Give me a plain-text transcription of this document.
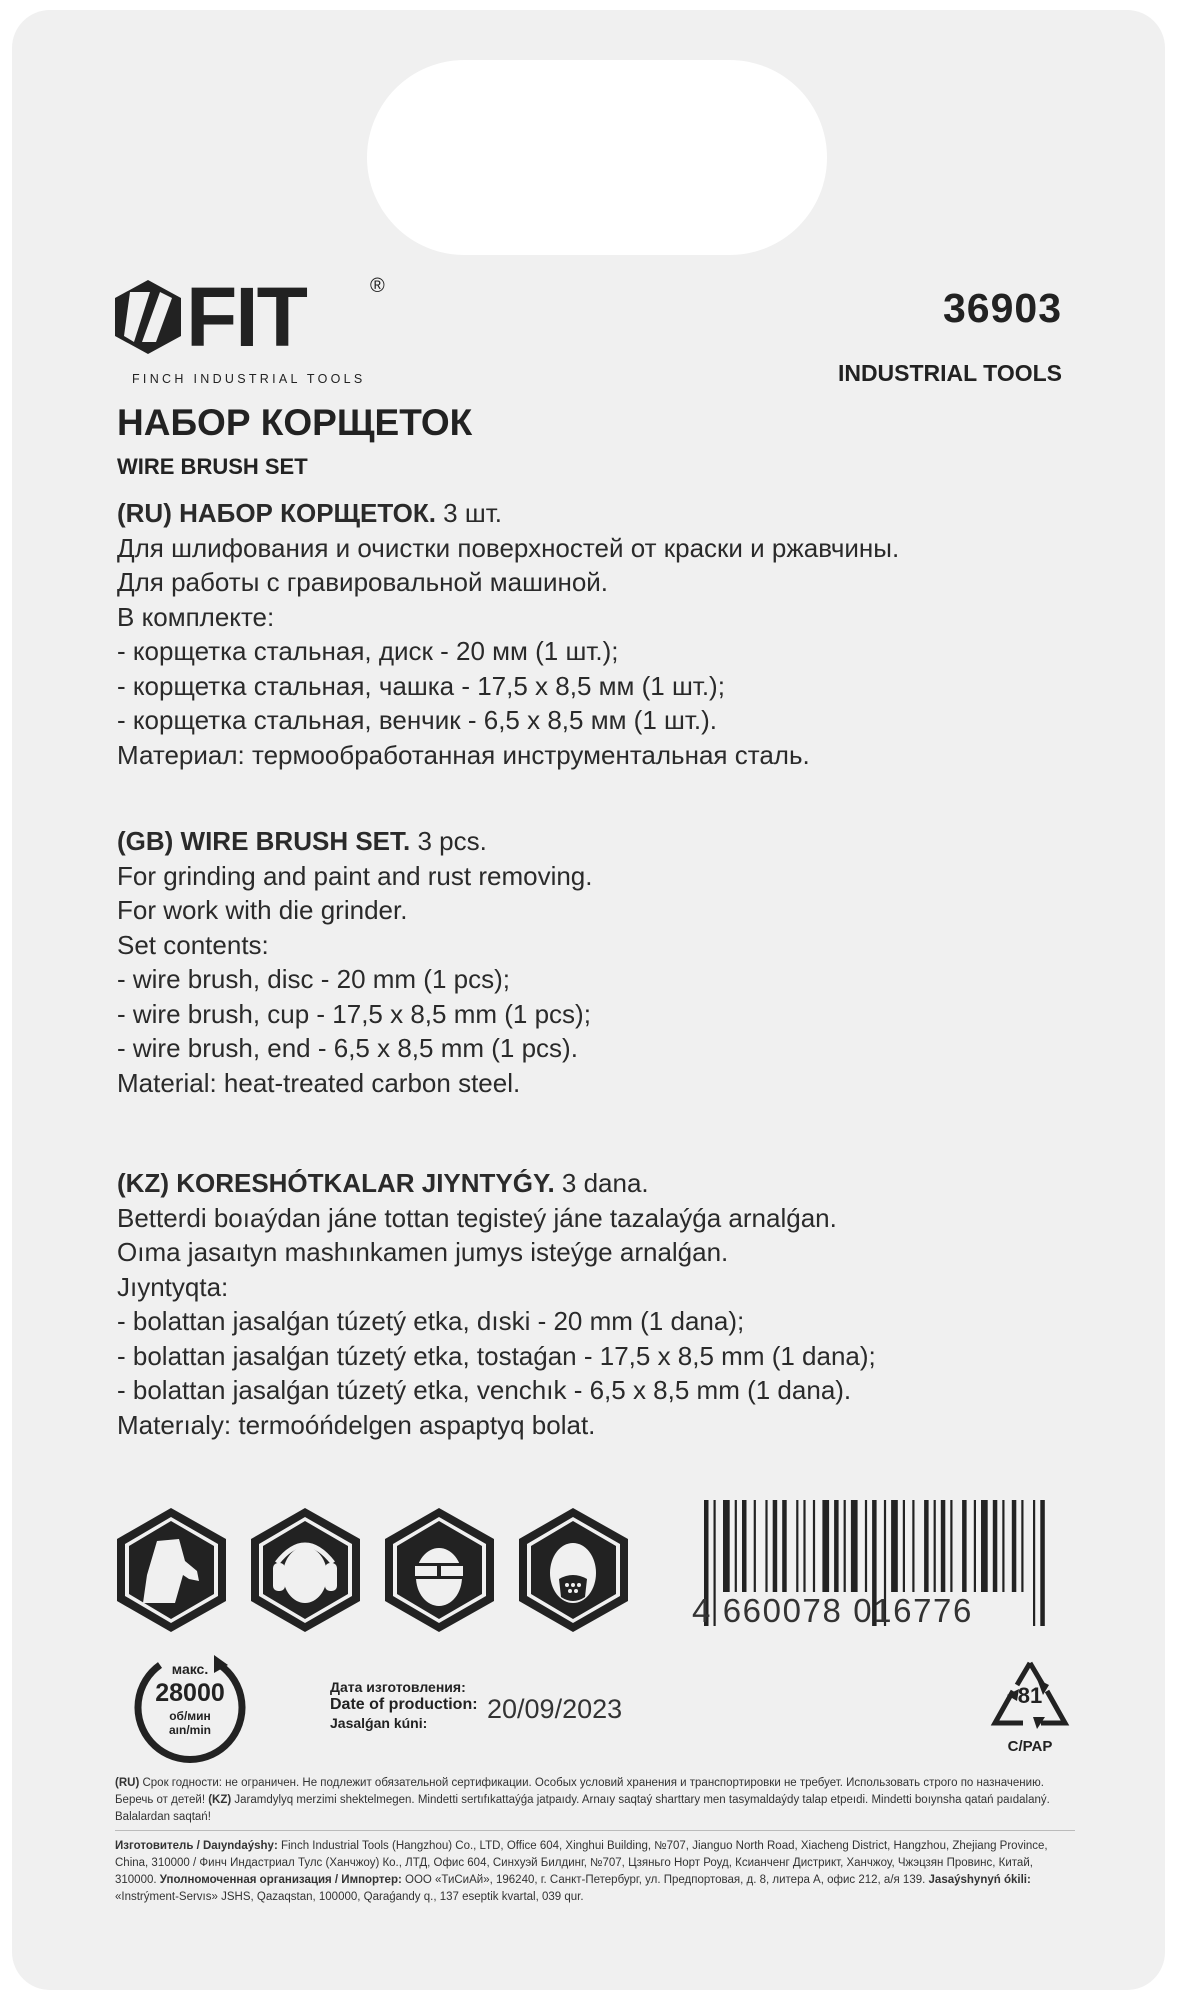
FIT	®
FINCH INDUSTRIAL TOOLS
36903
INDUSTRIAL TOOLS
НАБОР КОРЩЕТОК
WIRE BRUSH SET
(RU) НАБОР КОРЩЕТОК. 3 шт.
Для шлифования и очистки поверхностей от краски и ржавчины.
Для работы с гравировальной машиной.
В комплекте:
- корщетка стальная, диск - 20 мм (1 шт.);
- корщетка стальная, чашка - 17,5 х 8,5 мм (1 шт.);
- корщетка стальная, венчик - 6,5 х 8,5 мм (1 шт.).
Материал: термообработанная инструментальная сталь.
(GB) WIRE BRUSH SET. 3 pcs.
For grinding and paint and rust removing.
For work with die grinder.
Set contents:
- wire brush, disc - 20 mm (1 pcs);
- wire brush, cup - 17,5 x 8,5 mm (1 pcs);
- wire brush, end - 6,5 x 8,5 mm (1 pcs).
Material: heat-treated carbon steel.
(KZ) KORESHÓTKALAR JIYNTYǴY. 3 dana.
Betterdi boıaýdan jáne tottan tegisteý jáne tazalaýǵa arnalǵan.
Oıma jasaıtyn mashınkamen jumys isteýge arnalǵan.
Jıyntyqta:
- bolattan jasalǵan túzetý etka, dıski - 20 mm (1 dana);
- bolattan jasalǵan túzetý etka, tostaǵan - 17,5 x 8,5 mm (1 dana);
- bolattan jasalǵan túzetý etka, venchık - 6,5 x 8,5 mm (1 dana).
Materıaly: termoóńdelgen aspaptyq bolat.
4 660078 016776
макс.
28000
об/мин
aın/min
Дата изготовления:
Date of production:
Jasalǵan kúni:	20/09/2023	81
C/PAP
(RU) Срок годности: не ограничен. Не подлежит обязательной сертификации. Особых условий хранения и транспортировки не требует. Использовать строго по назначению. Беречь от детей! (KZ) Jaramdylyq merzimi shektelmegen. Mindetti sertıfıkattaýǵa jatpaıdy. Arnaıy saqtaý sharttary men tasymaldaýdy talap etpeıdi. Mindetti boıynsha qatań paıdalaný. Balalardan saqtań!
Изготовитель / Daıyndaýshy: Finch Industrial Tools (Hangzhou) Co., LTD, Office 604, Xinghui Building, №707, Jianguo North Road, Xiacheng District, Hangzhou, Zhejiang Province, China, 310000 / Финч Индастриал Тулс (Ханчжоу) Ко., ЛТД, Офис 604, Синхуэй Билдинг, №707, Цзяньго Норт Роуд, Ксианченг Дистрикт, Ханчжоу, Чжэцзян Провинс, Китай, 310000. Уполномоченная организация / Импортер: ООО «ТиСиАй», 196240, г. Санкт-Петербург, ул. Предпортовая, д. 8, литера А, офис 212, а/я 139. Jasaýshynyń ókili: «Instrýment-Servıs» JSHS, Qazaqstan, 100000, Qaraǵandy q., 137 eseptik kvartal, 039 qur.
